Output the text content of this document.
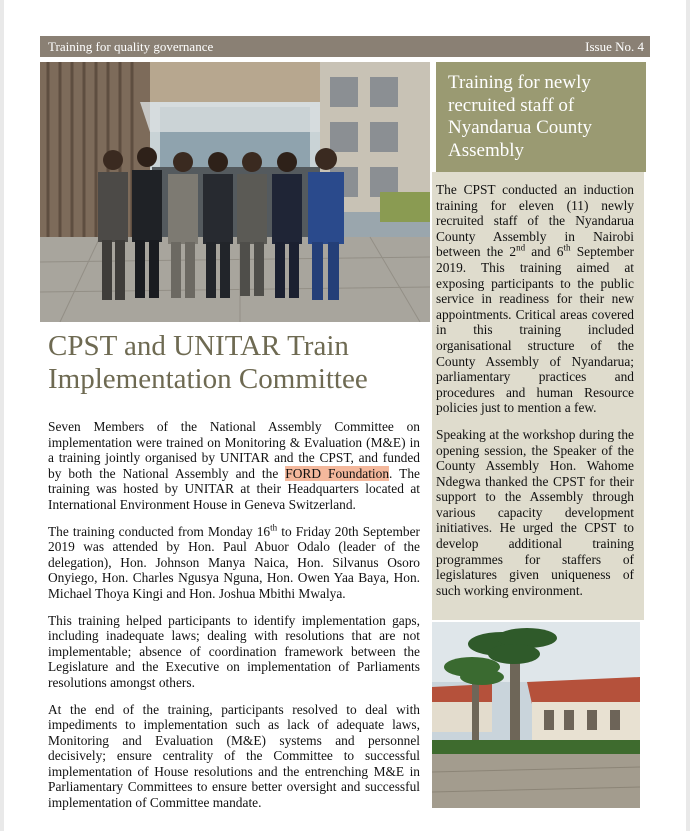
Training for quality governance	Issue No. 4
CPST and UNITAR Train
Implementation Committee

Seven Members of the National Assembly Committee on implementation were trained on Monitoring & Evaluation (M&E) in a training jointly organised by UNITAR and the CPST, and funded by both the National Assembly and the FORD Foundation. The training was hosted by UNITAR at their Headquarters located at International Environment House in Geneva Switzerland.

The training conducted from Monday 16th to Friday 20th September 2019 was attended by Hon. Paul Abuor Odalo (leader of the delegation), Hon. Johnson Manya Naica, Hon. Silvanus Osoro Onyiego, Hon. Charles Ngusya Nguna, Hon. Owen Yaa Baya, Hon. Michael Thoya Kingi and Hon. Joshua Mbithi Mwalya.

This training helped participants to identify implementation gaps, including inadequate laws; dealing with resolutions that are not implementable; absence of coordination framework between the Legislature and the Executive on implementation of Parliaments resolutions amongst others.

At the end of the training, participants resolved to deal with impediments to implementation such as lack of adequate laws, Monitoring and Evaluation (M&E) systems and personnel decisively; ensure centrality of the Committee to successful implementation of House resolutions and the entrenching M&E in Parliamentary Committees to ensure better oversight and successful implementation of Committee mandate.

Training for newly recruited staff of Nyandarua County Assembly

The CPST conducted an induction training for eleven (11) newly recruited staff of the Nyandarua County Assembly in Nairobi between the 2nd and 6th September 2019. This training aimed at exposing participants to the public service in readiness for their new appointments. Critical areas covered in this training included organisational structure of the County Assembly of Nyandarua; parliamentary practices and procedures and human Resource policies just to mention a few.

Speaking at the workshop during the opening session, the Speaker of the County Assembly Hon. Wahome Ndegwa thanked the CPST for their support to the Assembly through various capacity development initiatives. He urged the CPST to develop additional training programmes for staffers of legislatures given uniqueness of such working environment.
